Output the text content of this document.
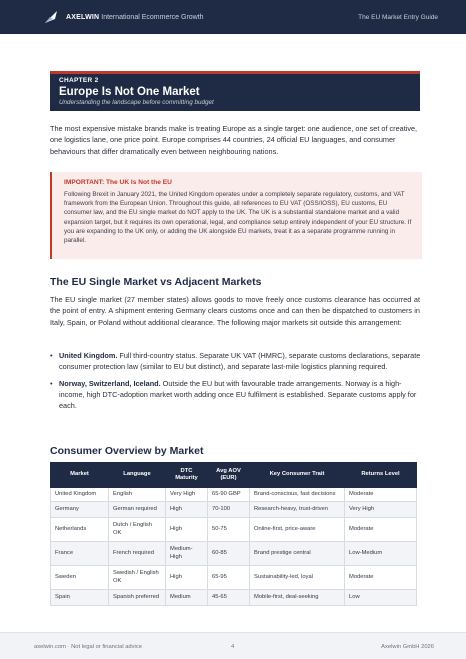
AXELWIN International Ecommerce Growth	The EU Market Entry Guide
CHAPTER 2
Europe Is Not One Market
Understanding the landscape before committing budget

The most expensive mistake brands make is treating Europe as a single target: one audience, one set of creative, one logistics lane, one price point. Europe comprises 44 countries, 24 official EU languages, and consumer behaviours that differ dramatically even between neighbouring nations.

IMPORTANT: The UK Is Not the EU

Following Brexit in January 2021, the United Kingdom operates under a completely separate regulatory, customs, and VAT framework from the European Union. Throughout this guide, all references to EU VAT (OSS/IOSS), EU customs, EU consumer law, and the EU single market do NOT apply to the UK. The UK is a substantial standalone market and a valid expansion target, but it requires its own operational, legal, and compliance setup entirely independent of your EU structure. If you are expanding to the UK only, or adding the UK alongside EU markets, treat it as a separate programme running in parallel.

The EU Single Market vs Adjacent Markets

The EU single market (27 member states) allows goods to move freely once customs clearance has occurred at the point of entry. A shipment entering Germany clears customs once and can then be dispatched to customers in Italy, Spain, or Poland without additional clearance. The following major markets sit outside this arrangement:

• United Kingdom. Full third-country status. Separate UK VAT (HMRC), separate customs declarations, separate consumer protection law (similar to EU but distinct), and separate last-mile logistics planning required.
• Norway, Switzerland, Iceland. Outside the EU but with favourable trade arrangements. Norway is a high-income, high DTC-adoption market worth adding once EU fulfilment is established. Separate customs apply for each.
Consumer Overview by Market
Market	Language	DTC Maturity	Avg AOV (EUR)	Key Consumer Trait	Returns Level
United Kingdom	English	Very High	65-90 GBP	Brand-conscious, fast decisions	Moderate
Germany	German required	High	70-100	Research-heavy, trust-driven	Very High
Netherlands	Dutch / English OK	High	50-75	Online-first, price-aware	Moderate
France	French required	Medium-High	60-85	Brand prestige central	Low-Medium
Sweden	Swedish / English OK	High	65-95	Sustainability-led, loyal	Moderate
Spain	Spanish preferred	Medium	45-65	Mobile-first, deal-seeking	Low
axelwin.com · Not legal or financial advice	4	Axelwin GmbH 2026
